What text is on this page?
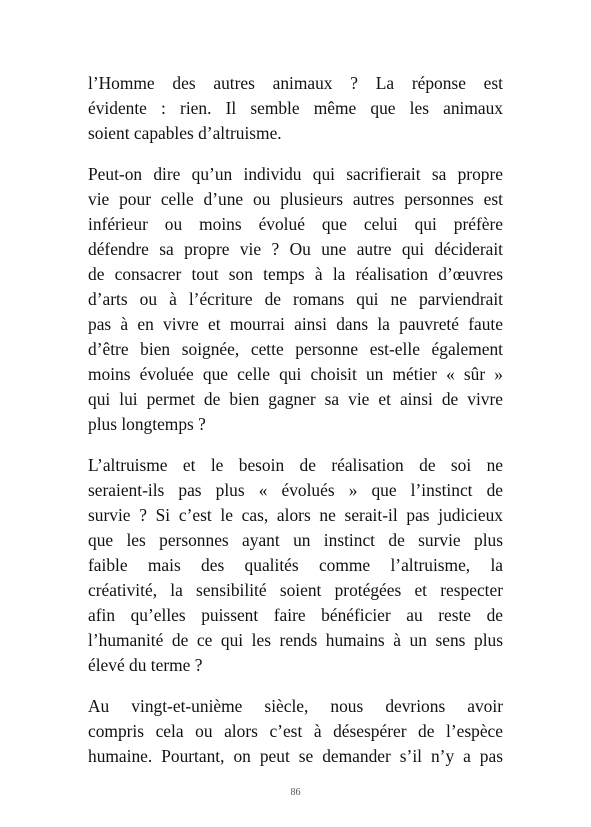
l’Homme des autres animaux ? La réponse est
évidente : rien. Il semble même que les animaux
soient capables d’altruisme.

Peut-on dire qu’un individu qui sacrifierait sa propre
vie pour celle d’une ou plusieurs autres personnes est
inférieur ou moins évolué que celui qui préfère
défendre sa propre vie ? Ou une autre qui déciderait
de consacrer tout son temps à la réalisation d’œuvres
d’arts ou à l’écriture de romans qui ne parviendrait
pas à en vivre et mourrai ainsi dans la pauvreté faute
d’être bien soignée, cette personne est-elle également
moins évoluée que celle qui choisit un métier « sûr »
qui lui permet de bien gagner sa vie et ainsi de vivre
plus longtemps ?

L’altruisme et le besoin de réalisation de soi ne
seraient-ils pas plus « évolués » que l’instinct de
survie ? Si c’est le cas, alors ne serait-il pas judicieux
que les personnes ayant un instinct de survie plus
faible mais des qualités comme l’altruisme, la
créativité, la sensibilité soient protégées et respecter
afin qu’elles puissent faire bénéficier au reste de
l’humanité de ce qui les rends humains à un sens plus
élevé du terme ?

Au vingt-et-unième siècle, nous devrions avoir
compris cela ou alors c’est à désespérer de l’espèce
humaine. Pourtant, on peut se demander s’il n’y a pas

86
